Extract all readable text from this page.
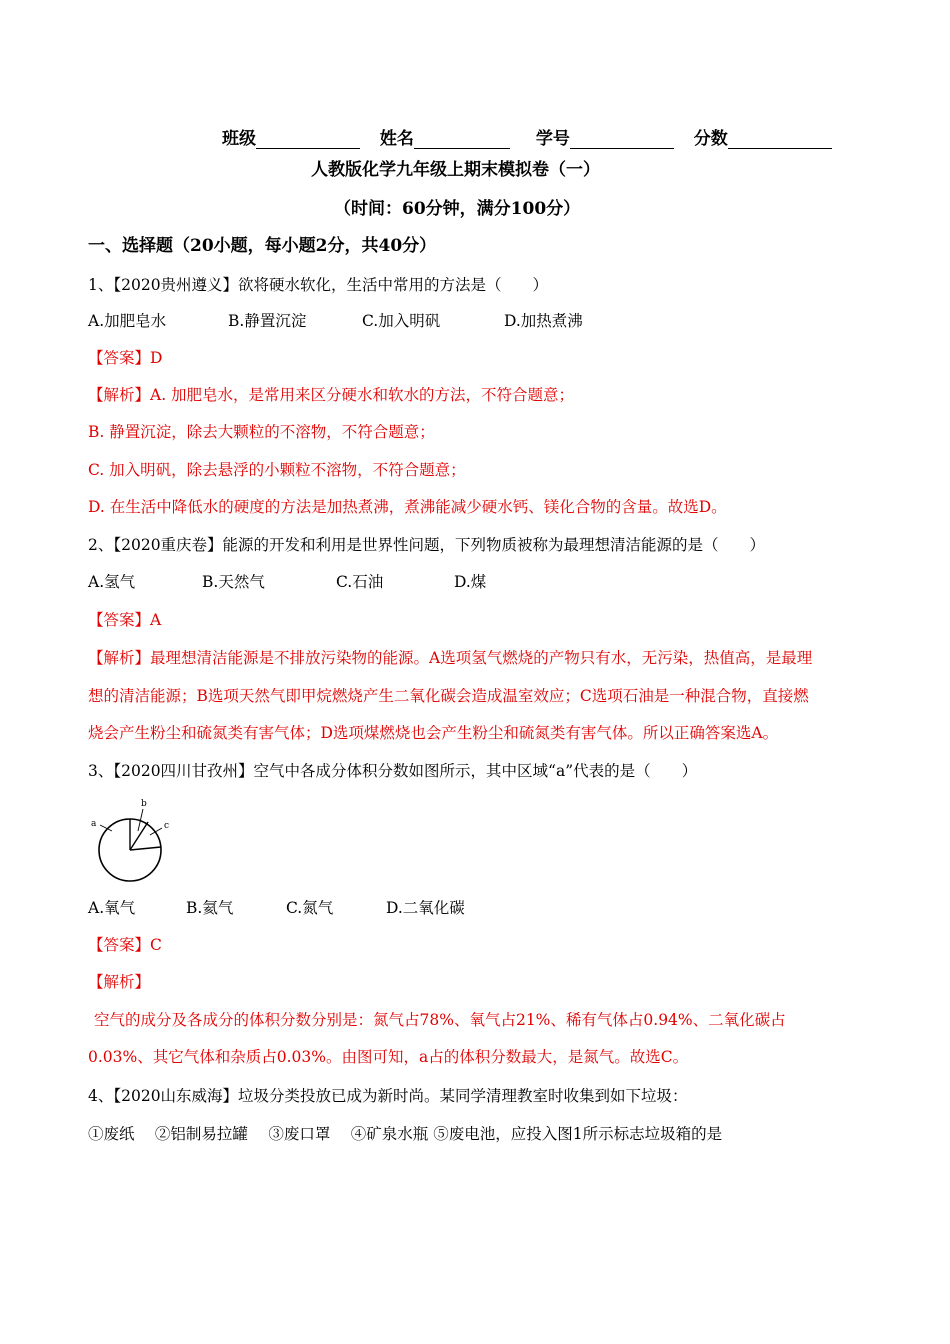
班级	姓名	学号	分数
人教版化学九年级上期末模拟卷（一）
（时间：60分钟，满分100分）
一、选择题（20小题，每小题2分，共40分）
1、【2020贵州遵义】欲将硬水软化，生活中常用的方法是（　　）
A.加肥皂水	B.静置沉淀	C.加入明矾	D.加热煮沸
【答案】D
【解析】A. 加肥皂水，是常用来区分硬水和软水的方法，不符合题意；
B. 静置沉淀，除去大颗粒的不溶物，不符合题意；
C. 加入明矾，除去悬浮的小颗粒不溶物，不符合题意；
D. 在生活中降低水的硬度的方法是加热煮沸，煮沸能减少硬水钙、镁化合物的含量。故选D。
2、【2020重庆卷】能源的开发和利用是世界性问题，下列物质被称为最理想清洁能源的是（　　）
A.氢气	B.天然气	C.石油	D.煤
【答案】A
【解析】最理想清洁能源是不排放污染物的能源。A选项氢气燃烧的产物只有水，无污染，热值高，是最理
想的清洁能源；B选项天然气即甲烷燃烧产生二氧化碳会造成温室效应；C选项石油是一种混合物，直接燃
烧会产生粉尘和硫氮类有害气体；D选项煤燃烧也会产生粉尘和硫氮类有害气体。所以正确答案选A。
3、【2020四川甘孜州】空气中各成分体积分数如图所示，其中区域“a”代表的是（　　）
a
b
c
A.氧气	B.氦气	C.氮气	D.二氧化碳
【答案】C
【解析】
空气的成分及各成分的体积分数分别是：氮气占78%、氧气占21%、稀有气体占0.94%、二氧化碳占
0.03%、其它气体和杂质占0.03%。由图可知，a占的体积分数最大，是氮气。故选C。
4、【2020山东威海】垃圾分类投放已成为新时尚。某同学清理教室时收集到如下垃圾：
①废纸　 ②铝制易拉罐　 ③废口罩　 ④矿泉水瓶 ⑤废电池，应投入图1所示标志垃圾箱的是
